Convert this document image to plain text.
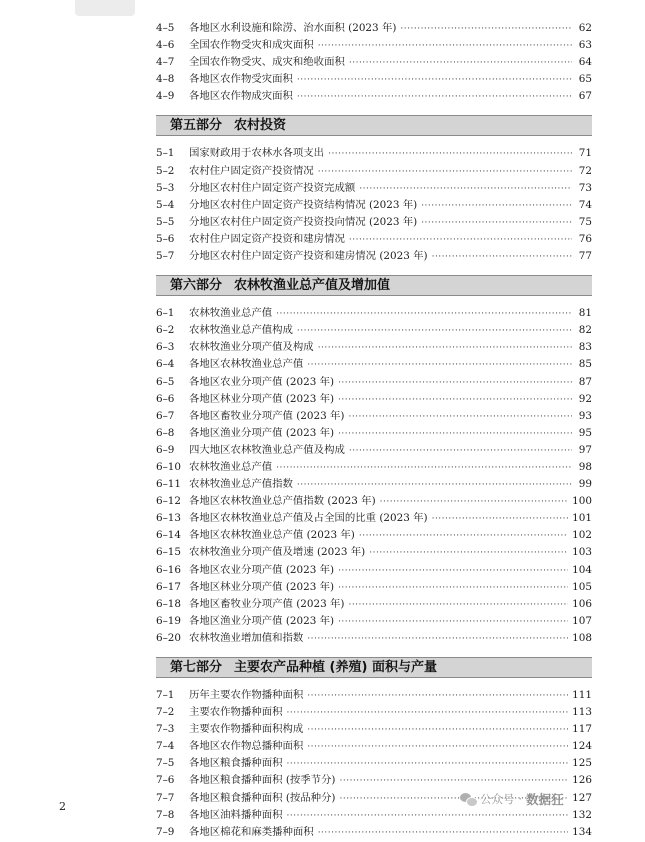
4–5	各地区水利设施和除涝、治水面积 (2023 年) ·····	62
4–6	全国农作物受灾和成灾面积 ·····	63
4–7	全国农作物受灾、成灾和绝收面积 ·····	64
4–8	各地区农作物受灾面积 ·····	65
4–9	各地区农作物成灾面积 ·····	67
第五部分 农村投资
5–1	国家财政用于农林水各项支出 ·····	71
5–2	农村住户固定资产投资情况 ·····	72
5–3	分地区农村住户固定资产投资完成额 ·····	73
5–4	分地区农村住户固定资产投资结构情况 (2023 年) ·····	74
5–5	分地区农村住户固定资产投资投向情况 (2023 年) ·····	75
5–6	农村住户固定资产投资和建房情况 ·····	76
5–7	分地区农村住户固定资产投资和建房情况 (2023 年) ·····	77
第六部分 农林牧渔业总产值及增加值
6–1	农林牧渔业总产值 ·····	81
6–2	农林牧渔业总产值构成 ·····	82
6–3	农林牧渔业分项产值及构成 ·····	83
6–4	各地区农林牧渔业总产值 ·····	85
6–5	各地区农业分项产值 (2023 年) ·····	87
6–6	各地区林业分项产值 (2023 年) ·····	92
6–7	各地区畜牧业分项产值 (2023 年) ·····	93
6–8	各地区渔业分项产值 (2023 年) ·····	95
6–9	四大地区农林牧渔业总产值及构成 ·····	97
6–10 农林牧渔业总产值 ·····	98
6–11 农林牧渔业总产值指数 ·····	99
6–12 各地区农林牧渔业总产值指数 (2023 年) ·····	100
6–13 各地区农林牧渔业总产值及占全国的比重 (2023 年) ·····	101
6–14 各地区农林牧渔业总产值 (2023 年) ·····	102
6–15 农林牧渔业分项产值及增速 (2023 年) ·····	103
6–16 各地区农业分项产值 (2023 年) ·····	104
6–17 各地区林业分项产值 (2023 年) ·····	105
6–18 各地区畜牧业分项产值 (2023 年) ·····	106
6–19 各地区渔业分项产值 (2023 年) ·····	107
6–20 农林牧渔业增加值和指数 ·····	108
第七部分 主要农产品种植 (养殖) 面积与产量
7–1	历年主要农作物播种面积 ·····	111
7–2	主要农作物播种面积 ·····	113
7–3	主要农作物播种面积构成 ·····	117
7–4	各地区农作物总播种面积 ·····	124
7–5	各地区粮食播种面积 ·····	125
7–6	各地区粮食播种面积 (按季节分) ·····	126
7–7	各地区粮食播种面积 (按品种分) ·····	127
7–8	各地区油料播种面积 ·····	132
7–9	各地区棉花和麻类播种面积 ·····	134
2
公众号 · 数据狂
